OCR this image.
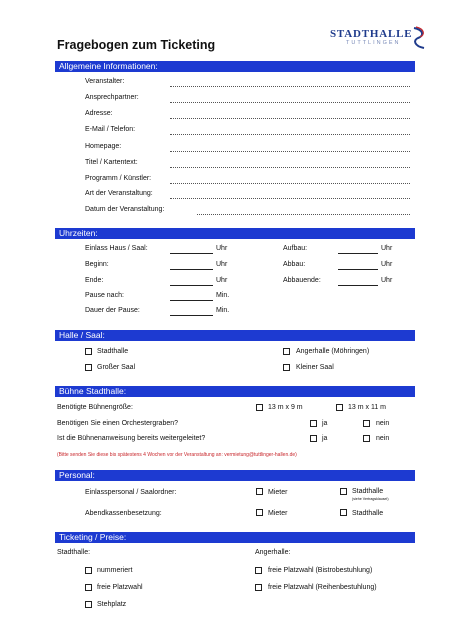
Fragebogen zum Ticketing
STADTHALLE
TUTTLINGEN
Allgemeine Informationen:
Veranstalter:
Ansprechpartner:
Adresse:
E-Mail / Telefon:
Homepage:
Titel / Kartentext:
Programm / Künstler:
Art der Veranstaltung:
Datum der Veranstaltung:
Uhrzeiten:
Einlass Haus / Saal:	Uhr
Beginn:	Uhr
Ende:	Uhr
Pause nach:	Min.
Dauer der Pause:	Min.
Aufbau:	Uhr
Abbau:	Uhr
Abbauende:	Uhr
Halle / Saal:
Stadthalle
Großer Saal
Angerhalle (Möhringen)
Kleiner Saal
Bühne Stadthalle:
Benötigte Bühnengröße:	13 m x 9 m	13 m x 11 m
Benötigen Sie einen Orchestergraben?	ja	nein
Ist die Bühnenanweisung bereits weitergeleitet?	ja	nein
(Bitte senden Sie diese bis spätestens 4 Wochen vor der Veranstaltung an: vermietung@tuttlinger-hallen.de)
Personal:
Einlasspersonal / Saalordner:	Mieter	Stadthalle
(siehe Vertragsklausel)
Abendkassenbesetzung:	Mieter	Stadthalle
Ticketing / Preise:
Stadthalle:	Angerhalle:
nummeriert
freie Platzwahl
Stehplatz
freie Platzwahl (Bistrobestuhlung)
freie Platzwahl (Reihenbestuhlung)
